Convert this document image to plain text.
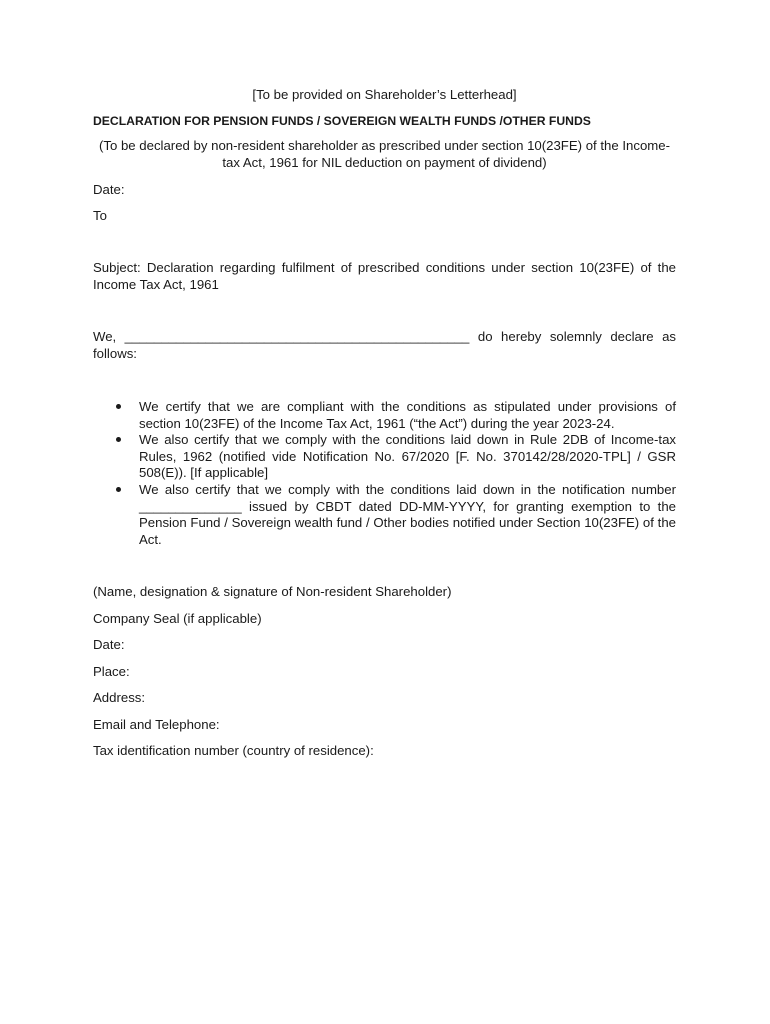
[To be provided on Shareholder’s Letterhead]
DECLARATION FOR PENSION FUNDS / SOVEREIGN WEALTH FUNDS /OTHER FUNDS
(To be declared by non-resident shareholder as prescribed under section 10(23FE) of the Income-tax Act, 1961 for NIL deduction on payment of dividend)
Date:
To
Subject: Declaration regarding fulfilment of prescribed conditions under section 10(23FE) of the Income Tax Act, 1961
We, _______________________________________________ do hereby solemnly declare as follows:
We certify that we are compliant with the conditions as stipulated under provisions of section 10(23FE) of the Income Tax Act, 1961 (“the Act”) during the year 2023-24.
We also certify that we comply with the conditions laid down in Rule 2DB of Income-tax Rules, 1962 (notified vide Notification No. 67/2020 [F. No. 370142/28/2020-TPL] / GSR 508(E)). [If applicable]
We also certify that we comply with the conditions laid down in the notification number ______________ issued by CBDT dated DD-MM-YYYY, for granting exemption to the Pension Fund / Sovereign wealth fund / Other bodies notified under Section 10(23FE) of the Act.
(Name, designation & signature of Non-resident Shareholder)
Company Seal (if applicable)
Date:
Place:
Address:
Email and Telephone:
Tax identification number (country of residence):
